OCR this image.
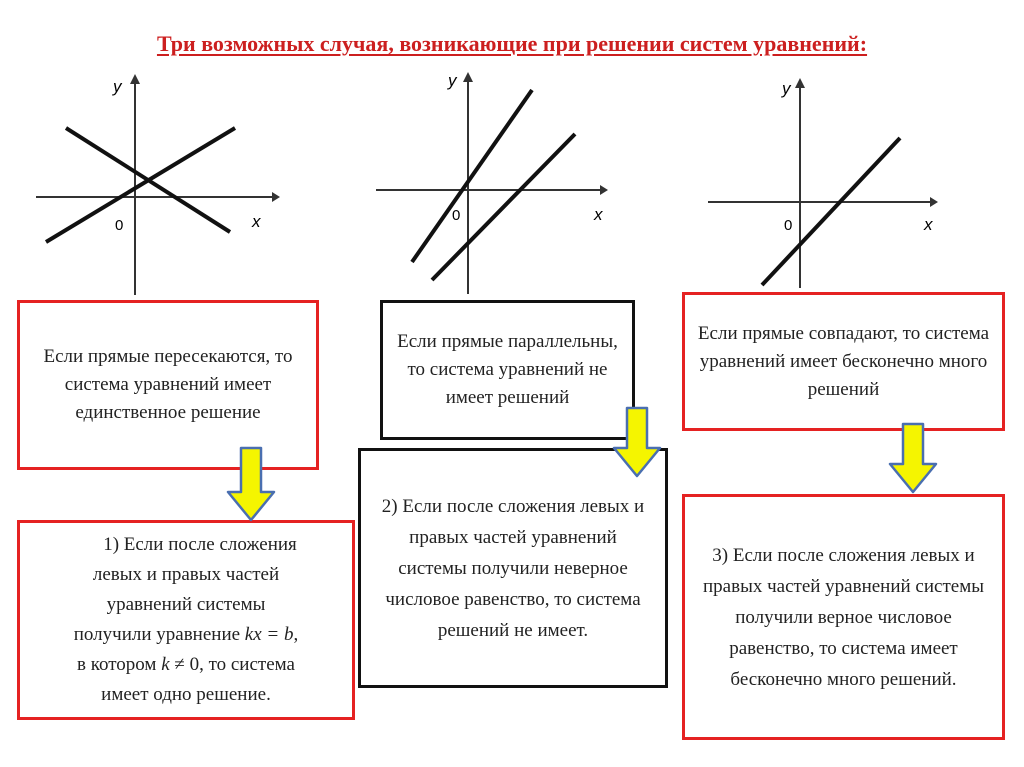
Три возможных случая, возникающие при решении систем уравнений:
y
x
0
y
x
0
y
x
0
Если прямые пересекаются, то система уравнений имеет единственное решение
Если прямые параллельны, то система уравнений не имеет решений
Если прямые совпадают, то система уравнений имеет бесконечно много решений
1) Если после сложения
левых и правых частей
уравнений системы
получили уравнение kx = b,
в котором k ≠ 0, то система
имеет одно решение.
2) Если после сложения левых и правых частей уравнений системы получили неверное числовое равенство, то система решений не имеет.
3) Если после сложения левых и правых частей уравнений системы получили верное числовое равенство, то система имеет бесконечно много решений.
